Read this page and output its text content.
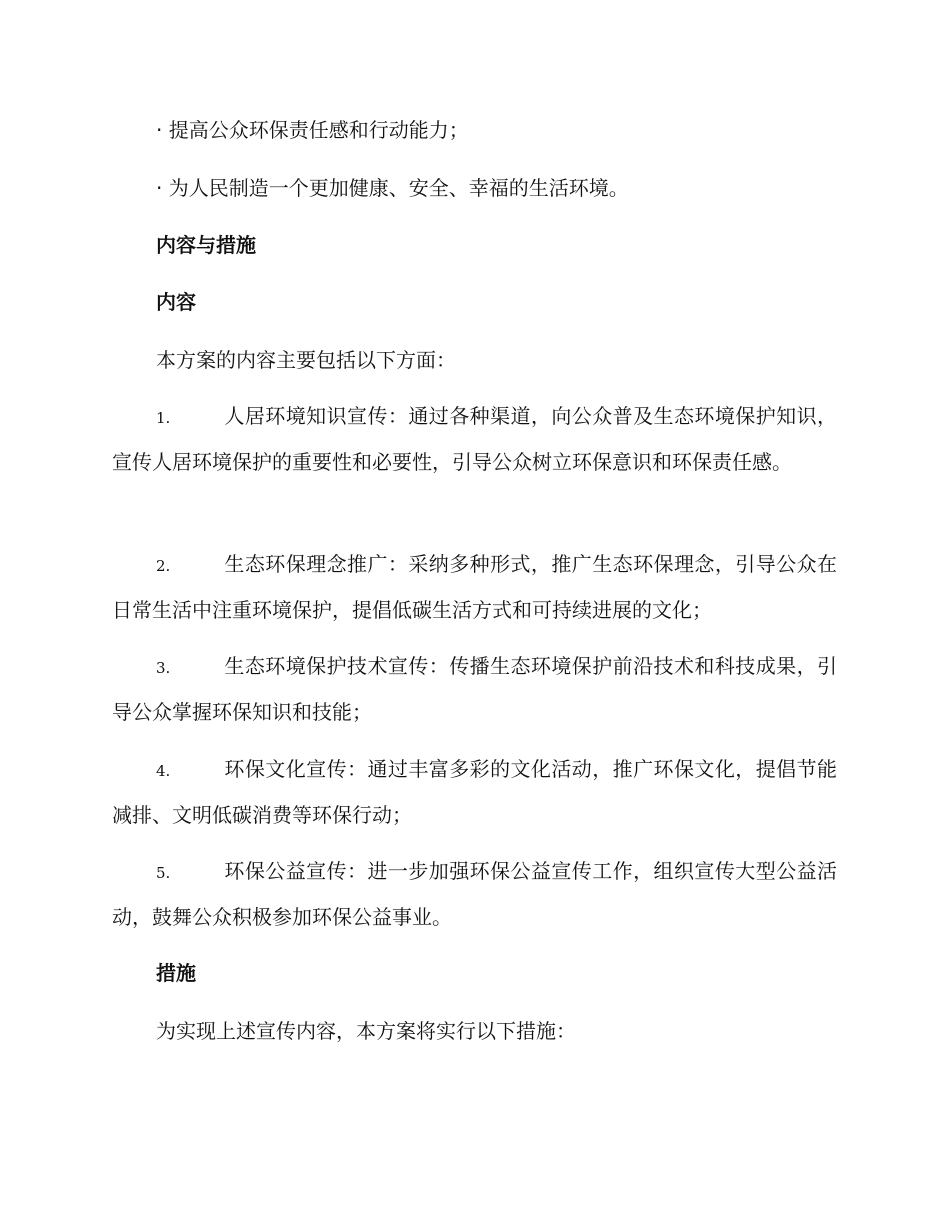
· 提高公众环保责任感和行动能力；
· 为人民制造一个更加健康、安全、幸福的生活环境。
内容与措施
内容
本方案的内容主要包括以下方面：
1.	人居环境知识宣传：通过各种渠道，向公众普及生态环境保护知识，宣传人居环境保护的重要性和必要性，引导公众树立环保意识和环保责任感。
2.	生态环保理念推广：采纳多种形式，推广生态环保理念，引导公众在日常生活中注重环境保护，提倡低碳生活方式和可持续进展的文化；
3.	生态环境保护技术宣传：传播生态环境保护前沿技术和科技成果，引导公众掌握环保知识和技能；
4.	环保文化宣传：通过丰富多彩的文化活动，推广环保文化，提倡节能减排、文明低碳消费等环保行动；
5.	环保公益宣传：进一步加强环保公益宣传工作，组织宣传大型公益活动，鼓舞公众积极参加环保公益事业。
措施
为实现上述宣传内容，本方案将实行以下措施：
